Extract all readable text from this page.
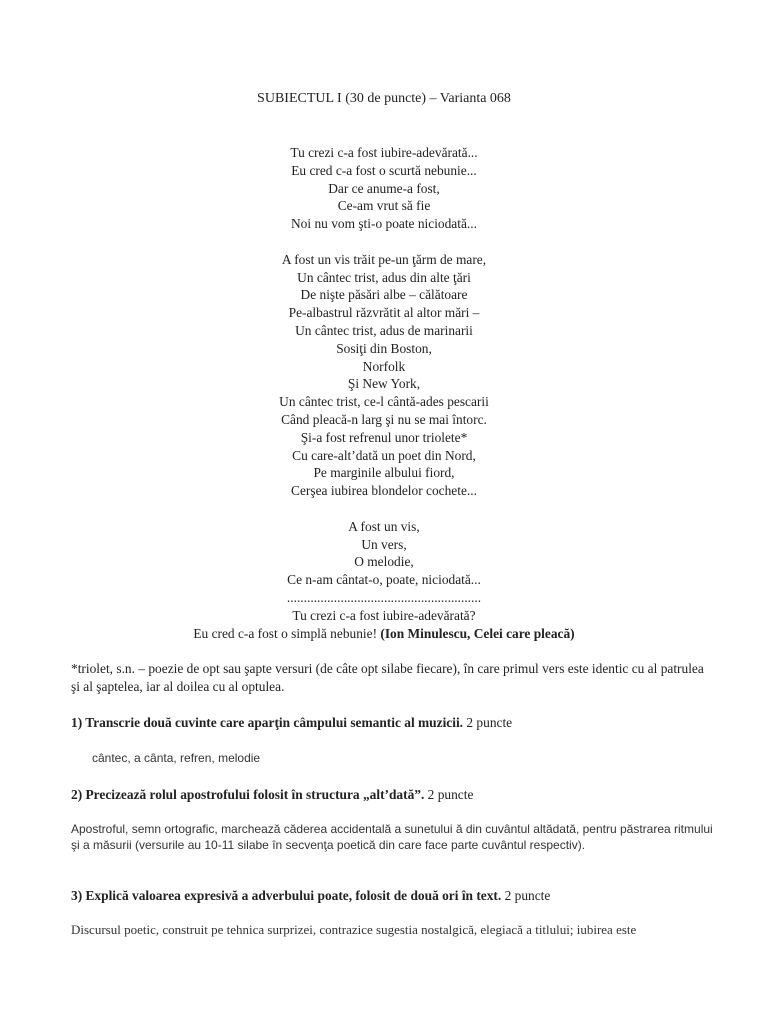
SUBIECTUL I (30 de puncte) – Varianta 068
Tu crezi c-a fost iubire-adevărată...
Eu cred c-a fost o scurtă nebunie...
Dar ce anume-a fost,
Ce-am vrut să fie
Noi nu vom şti-o poate niciodată...
A fost un vis trăit pe-un ţărm de mare,
Un cântec trist, adus din alte ţări
De nişte păsări albe – călătoare
Pe-albastrul răzvrătit al altor mări –
Un cântec trist, adus de marinarii
Sosiţi din Boston,
Norfolk
Şi New York,
Un cântec trist, ce-l cântă-ades pescarii
Când pleacă-n larg şi nu se mai întorc.
Şi-a fost refrenul unor triolete*
Cu care-alt’dată un poet din Nord,
Pe marginile albului fiord,
Cerşea iubirea blondelor cochete...
A fost un vis,
Un vers,
O melodie,
Ce n-am cântat-o, poate, niciodată...
..........................................................
Tu crezi c-a fost iubire-adevărată?
Eu cred c-a fost o simplă nebunie! (Ion Minulescu, Celei care pleacă)
*triolet, s.n. – poezie de opt sau şapte versuri (de câte opt silabe fiecare), în care primul vers este identic cu al patrulea şi al şaptelea, iar al doilea cu al optulea.
1) Transcrie două cuvinte care aparţin câmpului semantic al muzicii. 2 puncte
cântec, a cânta, refren, melodie
2) Precizează rolul apostrofului folosit în structura „alt’dată”. 2 puncte
Apostroful, semn ortografic, marchează căderea accidentală a sunetului ă din cuvântul altădată, pentru păstrarea ritmului şi a măsurii (versurile au 10-11 silabe în secvenţa poetică din care face parte cuvântul respectiv).
3) Explică valoarea expresivă a adverbului poate, folosit de două ori în text. 2 puncte
Discursul poetic, construit pe tehnica surprizei, contrazice sugestia nostalgică, elegiacă a titlului; iubirea este
